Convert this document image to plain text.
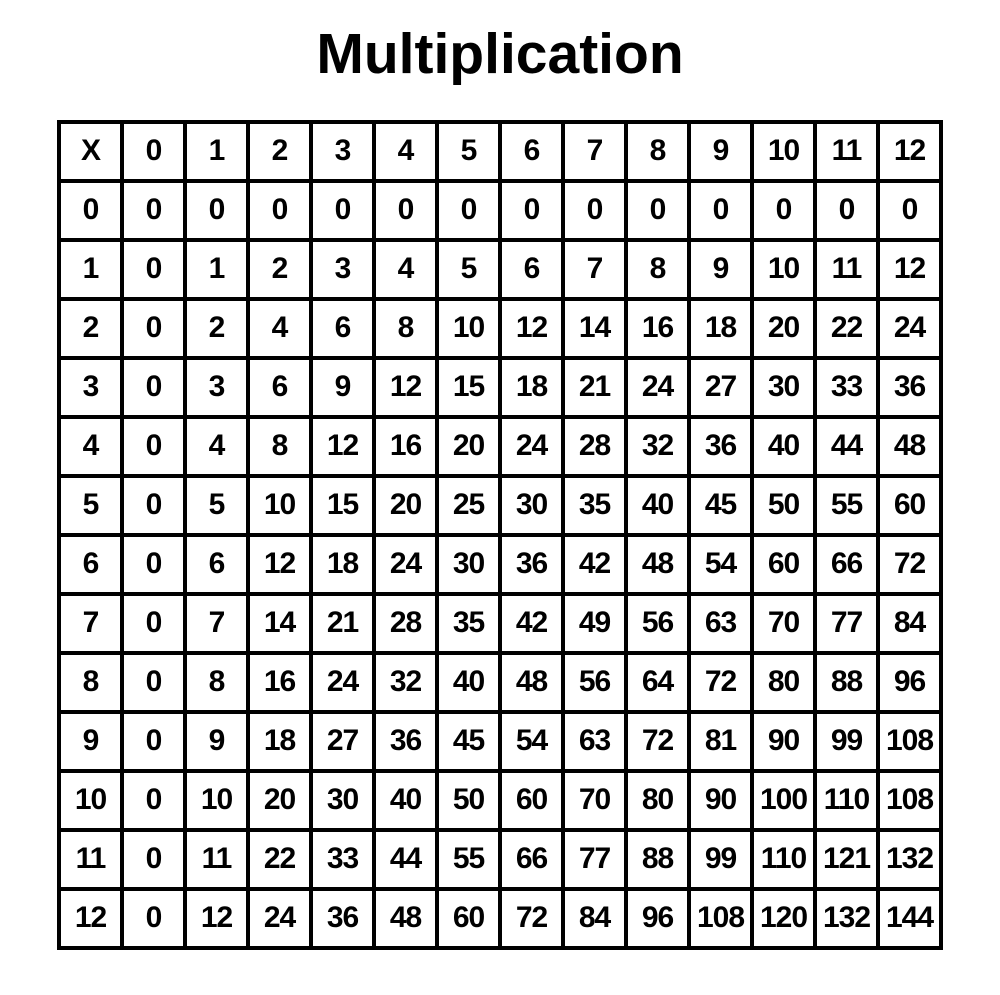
Multiplication
X	0	1	2	3	4	5	6	7	8	9	10	11	12
0	0	0	0	0	0	0	0	0	0	0	0	0	0
1	0	1	2	3	4	5	6	7	8	9	10	11	12
2	0	2	4	6	8	10	12	14	16	18	20	22	24
3	0	3	6	9	12	15	18	21	24	27	30	33	36
4	0	4	8	12	16	20	24	28	32	36	40	44	48
5	0	5	10	15	20	25	30	35	40	45	50	55	60
6	0	6	12	18	24	30	36	42	48	54	60	66	72
7	0	7	14	21	28	35	42	49	56	63	70	77	84
8	0	8	16	24	32	40	48	56	64	72	80	88	96
9	0	9	18	27	36	45	54	63	72	81	90	99	108
10	0	10	20	30	40	50	60	70	80	90	100	110	108
11	0	11	22	33	44	55	66	77	88	99	110	121	132
12	0	12	24	36	48	60	72	84	96	108	120	132	144
